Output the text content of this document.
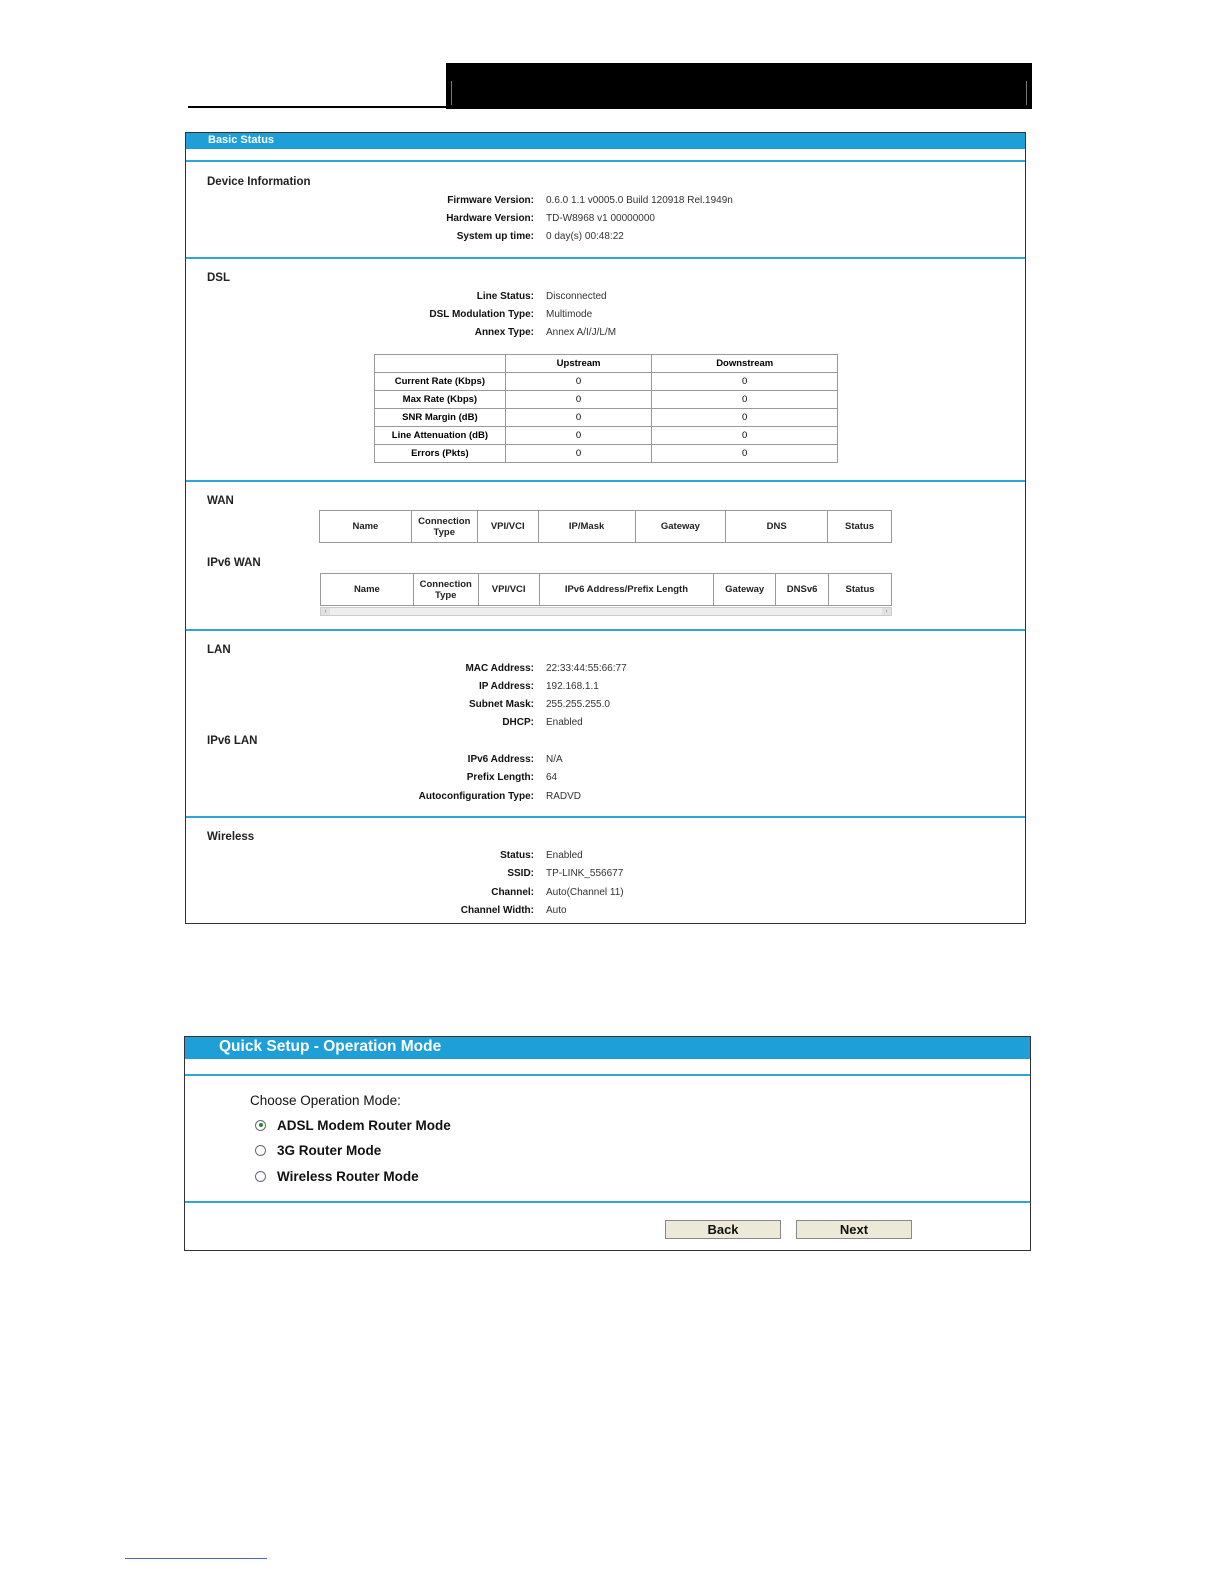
Basic Status
Device Information
Firmware Version: 0.6.0 1.1 v0005.0 Build 120918 Rel.1949n
Hardware Version: TD-W8968 v1 00000000
System up time: 0 day(s) 00:48:22
DSL
Line Status: Disconnected
DSL Modulation Type: Multimode
Annex Type: Annex A/I/J/L/M
	Upstream	Downstream
Current Rate (Kbps)	0	0
Max Rate (Kbps)	0	0
SNR Margin (dB)	0	0
Line Attenuation (dB)	0	0
Errors (Pkts)	0	0
WAN
Name	Connection Type	VPI/VCI	IP/Mask	Gateway	DNS	Status
IPv6 WAN
Name	Connection Type	VPI/VCI	IPv6 Address/Prefix Length	Gateway	DNSv6	Status
‹	›
LAN
MAC Address: 22:33:44:55:66:77
IP Address: 192.168.1.1
Subnet Mask: 255.255.255.0
DHCP: Enabled
IPv6 LAN
IPv6 Address: N/A
Prefix Length: 64
Autoconfiguration Type: RADVD
Wireless
Status: Enabled
SSID: TP-LINK_556677
Channel: Auto(Channel 11)
Channel Width: Auto
Quick Setup - Operation Mode
Choose Operation Mode:
ADSL Modem Router Mode
3G Router Mode
Wireless Router Mode
Back	Next
